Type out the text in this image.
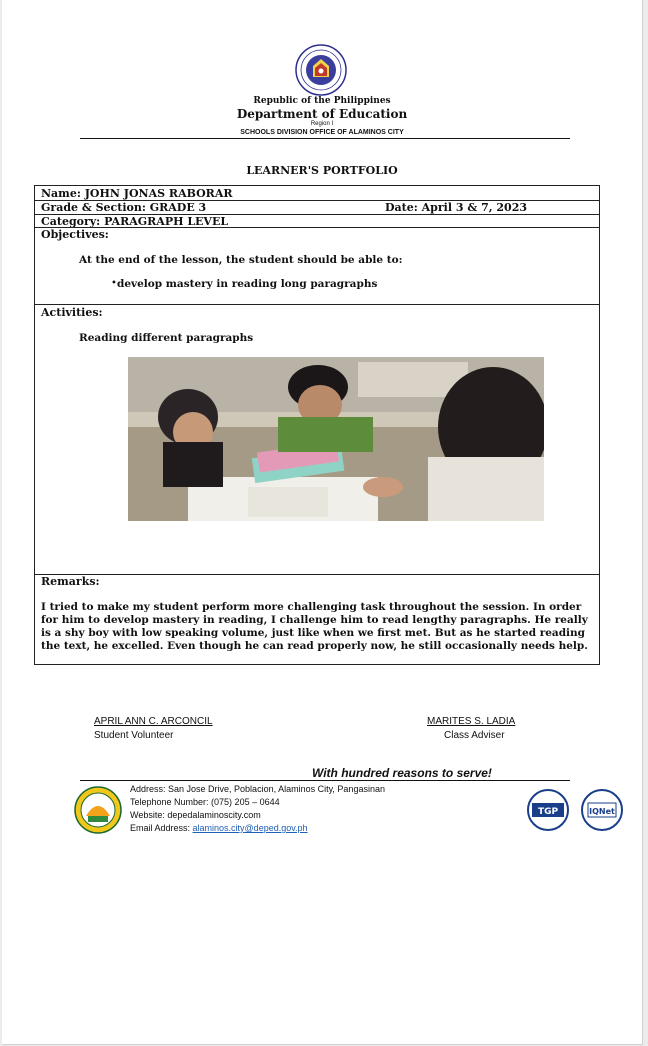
Republic of the Philippines
Department of Education
Region I
SCHOOLS DIVISION OFFICE OF ALAMINOS CITY
LEARNER'S PORTFOLIO
Name: JOHN JONAS RABORAR
Grade & Section: GRADE 3	Date: April 3 & 7, 2023
Category: PARAGRAPH LEVEL
Objectives:
At the end of the lesson, the student should be able to:
• develop mastery in reading long paragraphs
Activities:
Reading different paragraphs
Remarks:
I tried to make my student perform more challenging task throughout the session. In order for him to develop mastery in reading, I challenge him to read lengthy paragraphs. He really is a shy boy with low speaking volume, just like when we first met. But as he started reading the text, he excelled. Even though he can read properly now, he still occasionally needs help.
APRIL ANN C. ARCONCIL
Student Volunteer
MARITES S. LADIA
Class Adviser
With hundred reasons to serve!
Address: San Jose Drive, Poblacion, Alaminos City, Pangasinan
Telephone Number: (075) 205 – 0644
Website: depedalaminoscity.com
Email Address: alaminos.city@deped.gov.ph
TGP	IQNet
